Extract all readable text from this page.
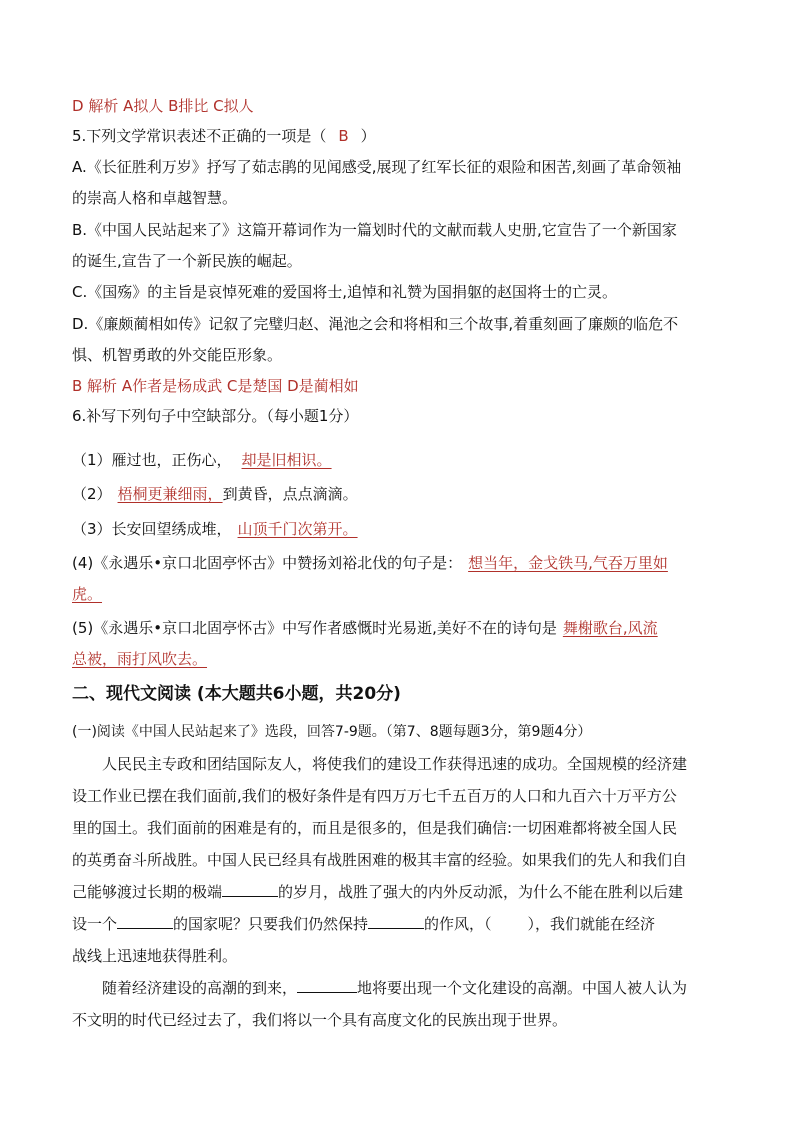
D 解析 A拟人 B排比 C拟人
5.下列文学常识表述不正确的一项是（ B ）
A.《长征胜利万岁》抒写了茹志鹃的见闻感受,展现了红军长征的艰险和困苦,刻画了革命领袖
的崇高人格和卓越智慧。
B.《中国人民站起来了》这篇开幕词作为一篇划时代的文献而载人史册,它宣告了一个新国家
的诞生,宣告了一个新民族的崛起。
C.《国殇》的主旨是哀悼死难的爱国将士,追悼和礼赞为国捐躯的赵国将士的亡灵。
D.《廉颇蔺相如传》记叙了完璧归赵、渑池之会和将相和三个故事,着重刻画了廉颇的临危不
惧、机智勇敢的外交能臣形象。
B 解析 A作者是杨成武 C是楚国 D是蔺相如
6.补写下列句子中空缺部分。（每小题1分）
（1）雁过也，正伤心， 却是旧相识。
（2） 梧桐更兼细雨，到黄昏，点点滴滴。
（3）长安回望绣成堆， 山顶千门次第开。
(4)《永遇乐•京口北固亭怀古》中赞扬刘裕北伐的句子是： 想当年，金戈铁马,气吞万里如
虎。
(5)《永遇乐•京口北固亭怀古》中写作者感慨时光易逝,美好不在的诗句是 舞榭歌台,风流
总被，雨打风吹去。
二、现代文阅读 (本大题共6小题，共20分)
(一)阅读《中国人民站起来了》选段，回答7-9题。（第7、8题每题3分，第9题4分）
人民民主专政和团结国际友人，将使我们的建设工作获得迅速的成功。全国规模的经济建
设工作业已摆在我们面前,我们的极好条件是有四万万七千五百万的人口和九百六十万平方公
里的国土。我们面前的困难是有的，而且是很多的，但是我们确信:一切困难都将被全国人民
的英勇奋斗所战胜。中国人民已经具有战胜困难的极其丰富的经验。如果我们的先人和我们自
己能够渡过长期的极端	的岁月，战胜了强大的内外反动派，为什么不能在胜利以后建
设一个	的国家呢？只要我们仍然保持	的作风，（ ），我们就能在经济
战线上迅速地获得胜利。
随着经济建设的高潮的到来，	地将要出现一个文化建设的高潮。中国人被人认为
不文明的时代已经过去了，我们将以一个具有高度文化的民族出现于世界。
